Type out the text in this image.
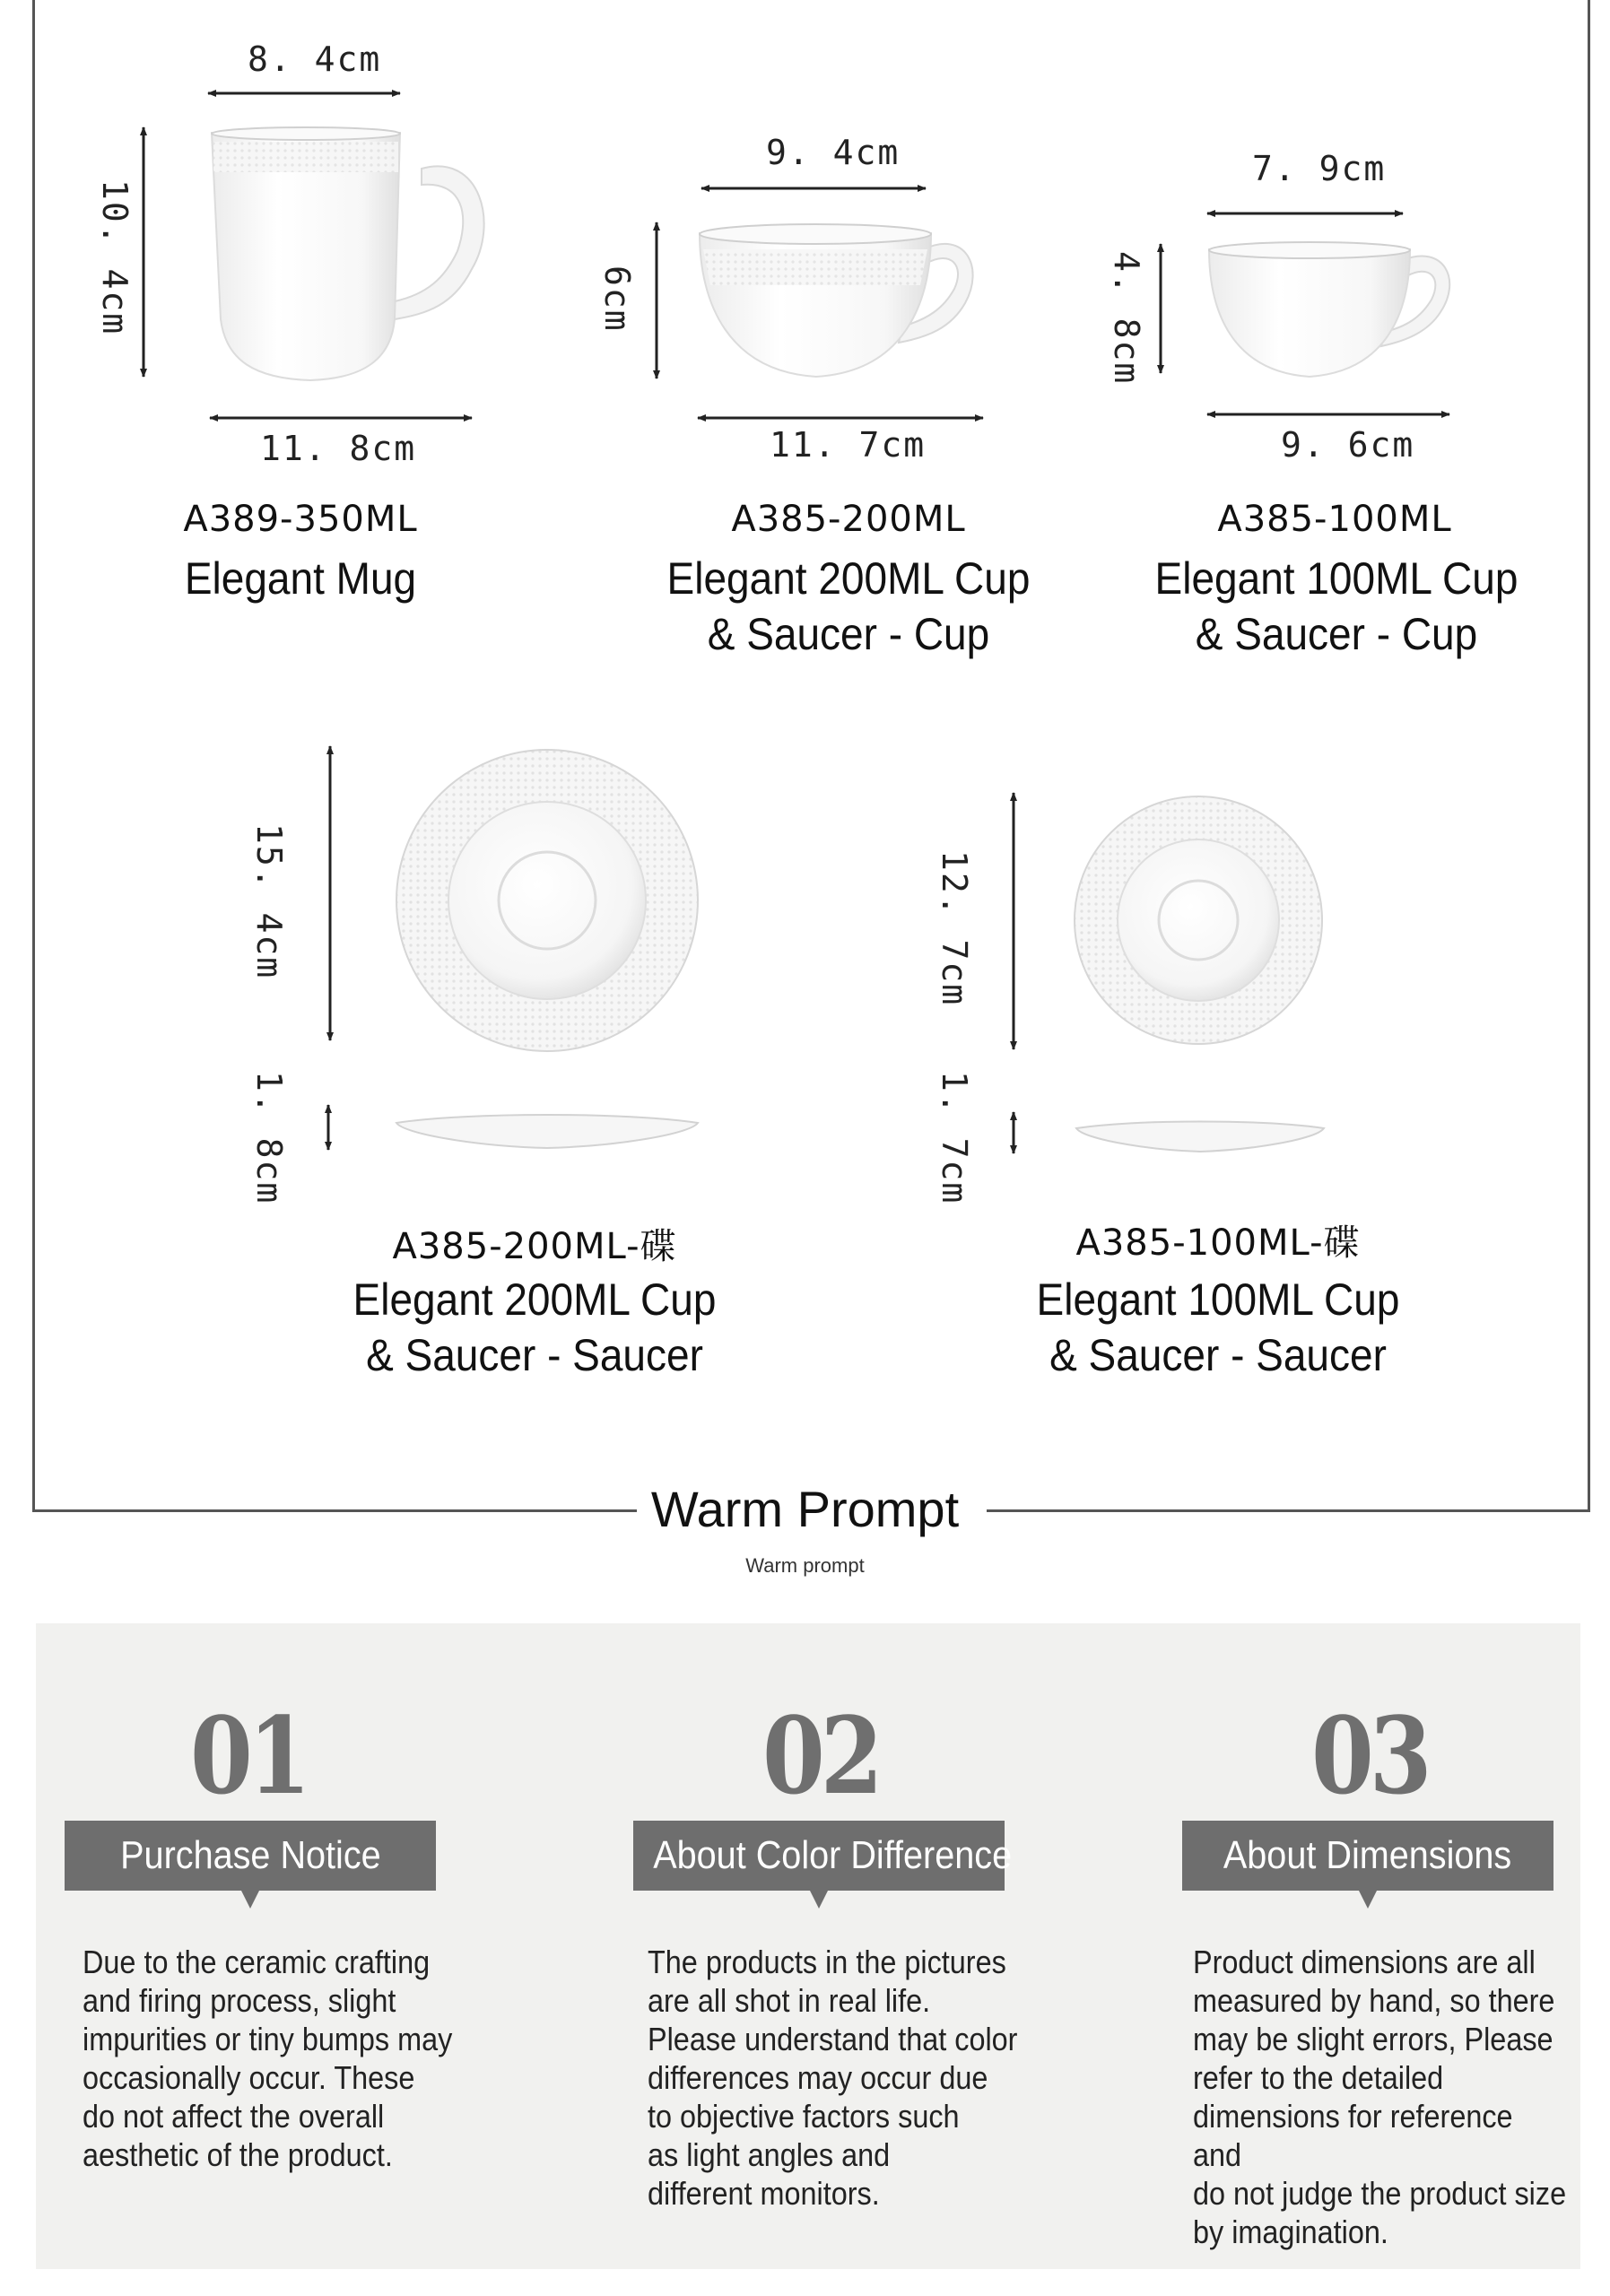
8. 4cm
10. 4cm
11. 8cm
A389-350ML
Elegant Mug
9. 4cm
6cm
11. 7cm
A385-200ML
Elegant 200ML Cup
& Saucer - Cup
7. 9cm
4. 8cm
9. 6cm
A385-100ML
Elegant 100ML Cup
& Saucer - Cup
15. 4cm
1. 8cm
A385-200ML-碟
Elegant 200ML Cup
& Saucer - Saucer
12. 7cm
1. 7cm
A385-100ML-碟
Elegant 100ML Cup
& Saucer - Saucer
Warm Prompt
Warm prompt
01
Purchase Notice
Due to the ceramic crafting
and firing process, slight
impurities or tiny bumps may
occasionally occur. These
do not affect the overall
aesthetic of the product.
02
About Color Difference
The products in the pictures
are all shot in real life.
Please understand that color
differences may occur due
to objective factors such
as light angles and
different monitors.
03
About Dimensions
Product dimensions are all
measured by hand, so there
may be slight errors, Please
refer to the detailed
dimensions for reference and
do not judge the product size
by imagination.
